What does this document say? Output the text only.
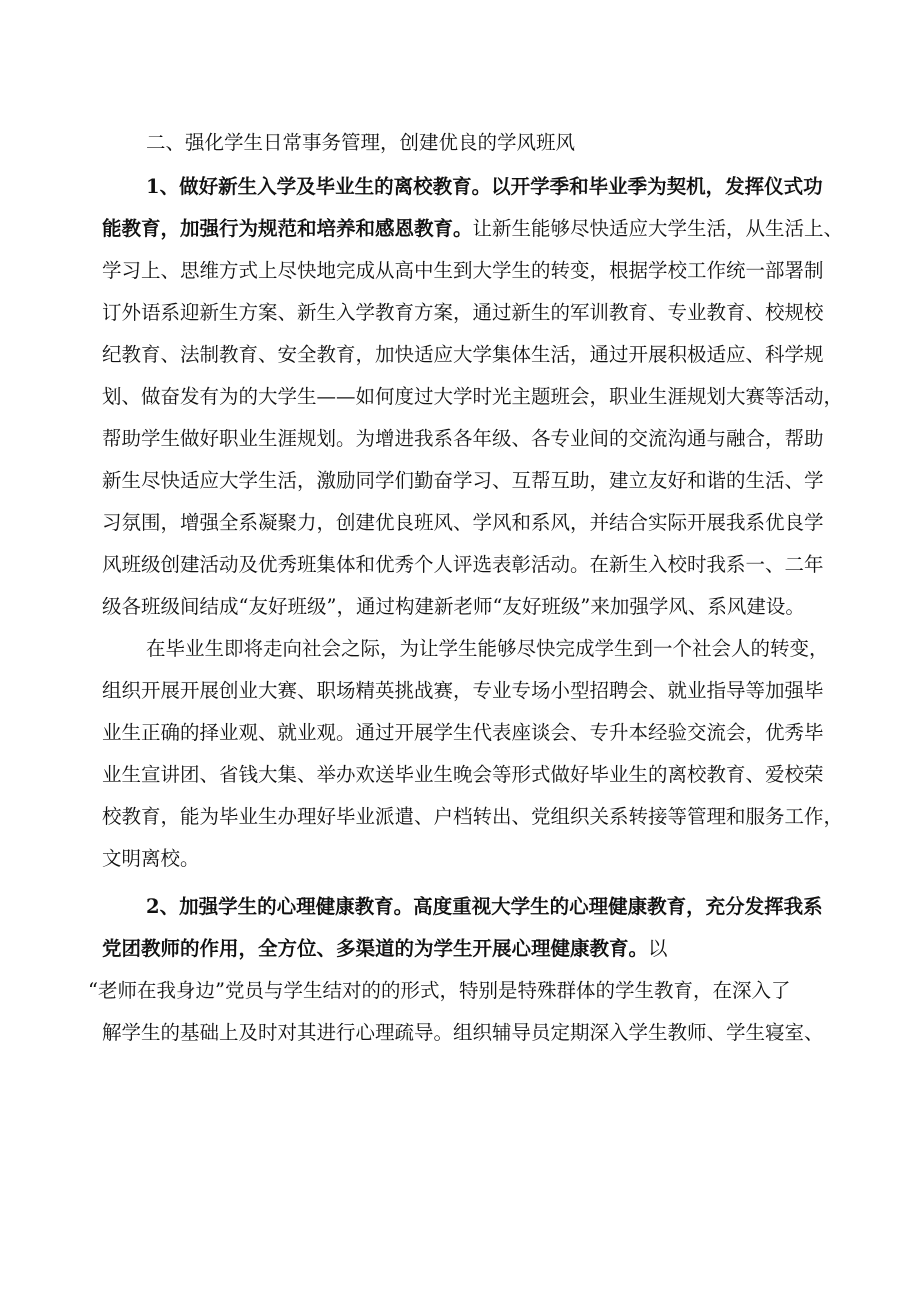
二、强化学生日常事务管理，创建优良的学风班风

1、做好新生入学及毕业生的离校教育。以开学季和毕业季为契机，发挥仪式功

能教育，加强行为规范和培养和感恩教育。让新生能够尽快适应大学生活，从生活上、

学习上、思维方式上尽快地完成从高中生到大学生的转变，根据学校工作统一部署制

订外语系迎新生方案、新生入学教育方案，通过新生的军训教育、专业教育、校规校

纪教育、法制教育、安全教育，加快适应大学集体生活，通过开展积极适应、科学规

划、做奋发有为的大学生——如何度过大学时光主题班会，职业生涯规划大赛等活动，

帮助学生做好职业生涯规划。为增进我系各年级、各专业间的交流沟通与融合，帮助

新生尽快适应大学生活，激励同学们勤奋学习、互帮互助，建立友好和谐的生活、学

习氛围，增强全系凝聚力，创建优良班风、学风和系风，并结合实际开展我系优良学

风班级创建活动及优秀班集体和优秀个人评选表彰活动。在新生入校时我系一、二年

级各班级间结成“友好班级”，通过构建新老师“友好班级”来加强学风、系风建设。

在毕业生即将走向社会之际，为让学生能够尽快完成学生到一个社会人的转变，

组织开展开展创业大赛、职场精英挑战赛，专业专场小型招聘会、就业指导等加强毕

业生正确的择业观、就业观。通过开展学生代表座谈会、专升本经验交流会，优秀毕

业生宣讲团、省钱大集、举办欢送毕业生晚会等形式做好毕业生的离校教育、爱校荣

校教育，能为毕业生办理好毕业派遣、户档转出、党组织关系转接等管理和服务工作，

文明离校。

2、加强学生的心理健康教育。高度重视大学生的心理健康教育，充分发挥我系

党团教师的作用，全方位、多渠道的为学生开展心理健康教育。以

“老师在我身边”党员与学生结对的的形式，特别是特殊群体的学生教育，在深入了

解学生的基础上及时对其进行心理疏导。组织辅导员定期深入学生教师、学生寝室、
